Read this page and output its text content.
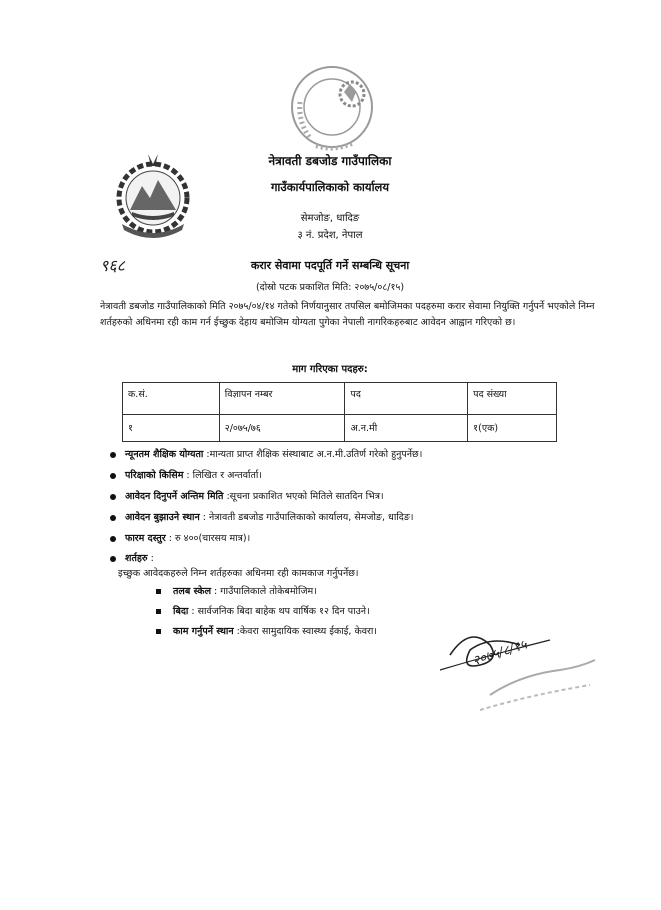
नेत्रावती डबजोड गाउँपालिका
गाउँकार्यपालिकाको कार्यालय
सेमजोङ, धादिङ
३ नं. प्रदेश, नेपाल
९६८	करार सेवामा पदपूर्ति गर्ने सम्बन्धि सूचना
(दोस्रो पटक प्रकाशित मिति: २०७५/०८/१५)
नेत्रावती डबजोड गाउँपालिकाको मिति २०७५/०४/१४ गतेको निर्णयानुसार तपसिल बमोजिमका पदहरुमा करार सेवामा नियुक्ति गर्नुपर्ने भएकोले निम्न शर्तहरुको अधिनमा रही काम गर्न ईच्छुक देहाय बमोजिम योग्यता पुगेका नेपाली नागरिकहरुबाट आवेदन आह्वान गरिएको छ।
माग गरिएका पदहरु:
क.सं.	विज्ञापन नम्बर	पद	पद संख्या
१	२/०७५/७६	अ.न.मी	१(एक)
न्यूनतम शैक्षिक योग्यता :मान्यता प्राप्त शैक्षिक संस्थाबाट अ.न.मी.उतिर्ण गरेको हुनुपर्नेछ।
परिक्षाको किसिम : लिखित र अन्तर्वार्ता।
आवेदन दिनुपर्ने अन्तिम मिति :सूचना प्रकाशित भएको मितिले सातदिन भित्र।
आवेदन बुझाउने स्थान : नेत्रावती डबजोड गाउँपालिकाको कार्यालय, सेमजोङ, धादिङ।
फारम दस्तुर : रु ४००(चारसय मात्र)।
शर्तहरु :
इच्छुक आवेदकहरुले निम्न शर्तहरुका अधिनमा रही कामकाज गर्नुपर्नेछ।
तलब स्केल : गाउँपालिकाले तोकेबमोजिम।
बिदा : सार्वजनिक बिदा बाहेक थप वार्षिक १२ दिन पाउने।
काम गर्नुपर्ने स्थान :केवरा सामुदायिक स्वास्थ्य ईकाई, केवरा।
२०७५/८/१५
